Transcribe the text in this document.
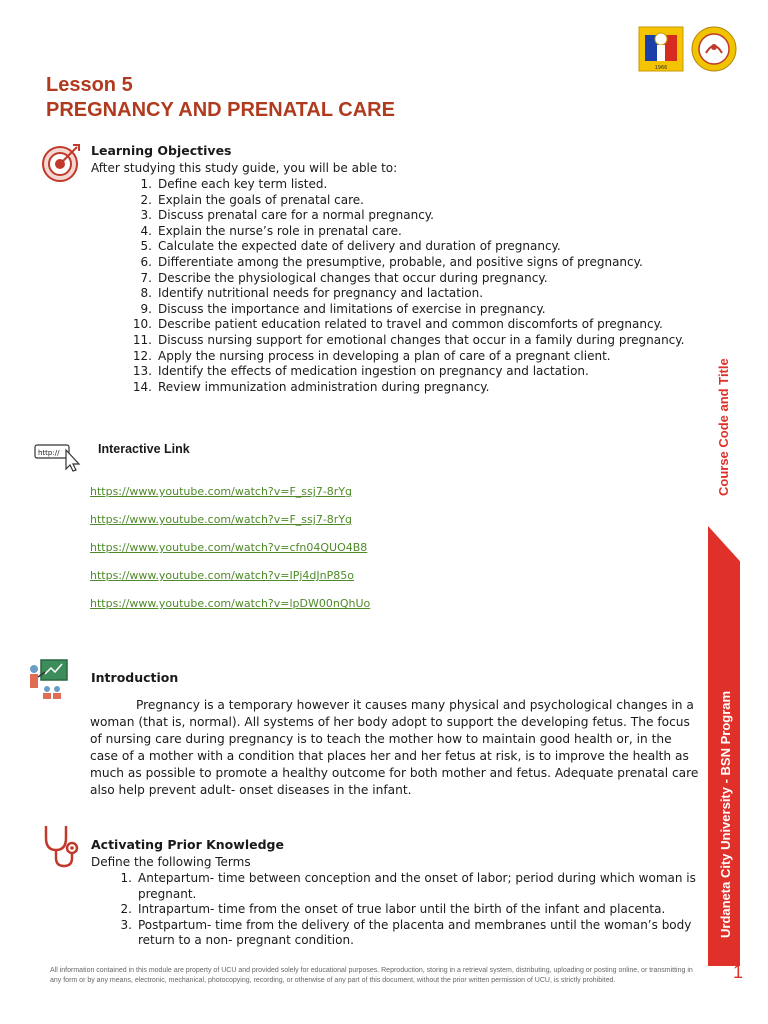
1966
Lesson 5
PREGNANCY AND PRENATAL CARE
Learning Objectives
After studying this study guide, you will be able to:
1. Define each key term listed.
2. Explain the goals of prenatal care.
3. Discuss prenatal care for a normal pregnancy.
4. Explain the nurse’s role in prenatal care.
5. Calculate the expected date of delivery and duration of pregnancy.
6. Differentiate among the presumptive, probable, and positive signs of pregnancy.
7. Describe the physiological changes that occur during pregnancy.
8. Identify nutritional needs for pregnancy and lactation.
9. Discuss the importance and limitations of exercise in pregnancy.
10. Describe patient education related to travel and common discomforts of pregnancy.
11. Discuss nursing support for emotional changes that occur in a family during pregnancy.
12. Apply the nursing process in developing a plan of care of a pregnant client.
13. Identify the effects of medication ingestion on pregnancy and lactation.
14. Review immunization administration during pregnancy.
http://	Interactive Link
https://www.youtube.com/watch?v=F_ssj7-8rYg
https://www.youtube.com/watch?v=F_ssj7-8rYg
https://www.youtube.com/watch?v=cfn04QUO4B8
https://www.youtube.com/watch?v=IPj4dJnP85o
https://www.youtube.com/watch?v=lpDW00nQhUo
Introduction
Pregnancy is a temporary however it causes many physical and psychological changes in a woman (that is, normal). All systems of her body adopt to support the developing fetus. The focus of nursing care during pregnancy is to teach the mother how to maintain good health or, in the case of a mother with a condition that places her and her fetus at risk, is to improve the health as much as possible to promote a healthy outcome for both mother and fetus. Adequate prenatal care also help prevent adult- onset diseases in the infant.
Activating Prior Knowledge
Define the following Terms
1. Antepartum- time between conception and the onset of labor; period during which woman is pregnant.
2. Intrapartum- time from the onset of true labor until the birth of the infant and placenta.
3. Postpartum- time from the delivery of the placenta and membranes until the woman’s body return to a non- pregnant condition.
Course Code and Title
Urdaneta City University - BSN Program
All information contained in this module are property of UCU and provided solely for educational purposes. Reproduction, storing in a retrieval system, distributing, uploading or posting online, or transmitting in any form or by any means, electronic, mechanical, photocopying, recording, or otherwise of any part of this document, without the prior written permission of UCU, is strictly prohibited.	1
